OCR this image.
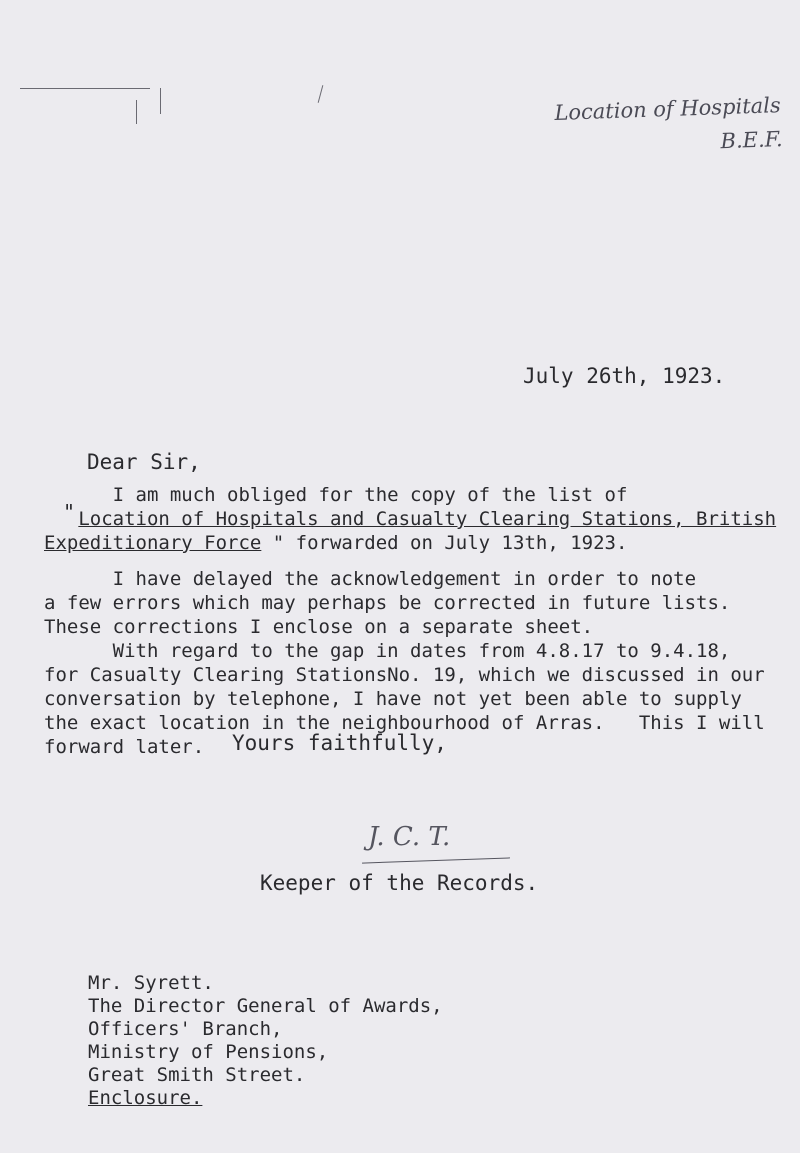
Location of Hospitals
B.E.F.
July 26th, 1923.
Dear Sir,
"
I am much obliged for the copy of the list of
Location of Hospitals and Casualty Clearing Stations, British
Expeditionary Force " forwarded on July 13th, 1923.
I have delayed the acknowledgement in order to note
a few errors which may perhaps be corrected in future lists.
These corrections I enclose on a separate sheet.
With regard to the gap in dates from 4.8.17 to 9.4.18,
for Casualty Clearing StationsNo. 19, which we discussed in our
conversation by telephone, I have not yet been able to supply
the exact location in the neighbourhood of Arras.   This I will
forward later.	Yours faithfully,
J. C. T.
Keeper of the Records.
Mr. Syrett.
The Director General of Awards,
Officers' Branch,
Ministry of Pensions,
Great Smith Street.
Enclosure.
